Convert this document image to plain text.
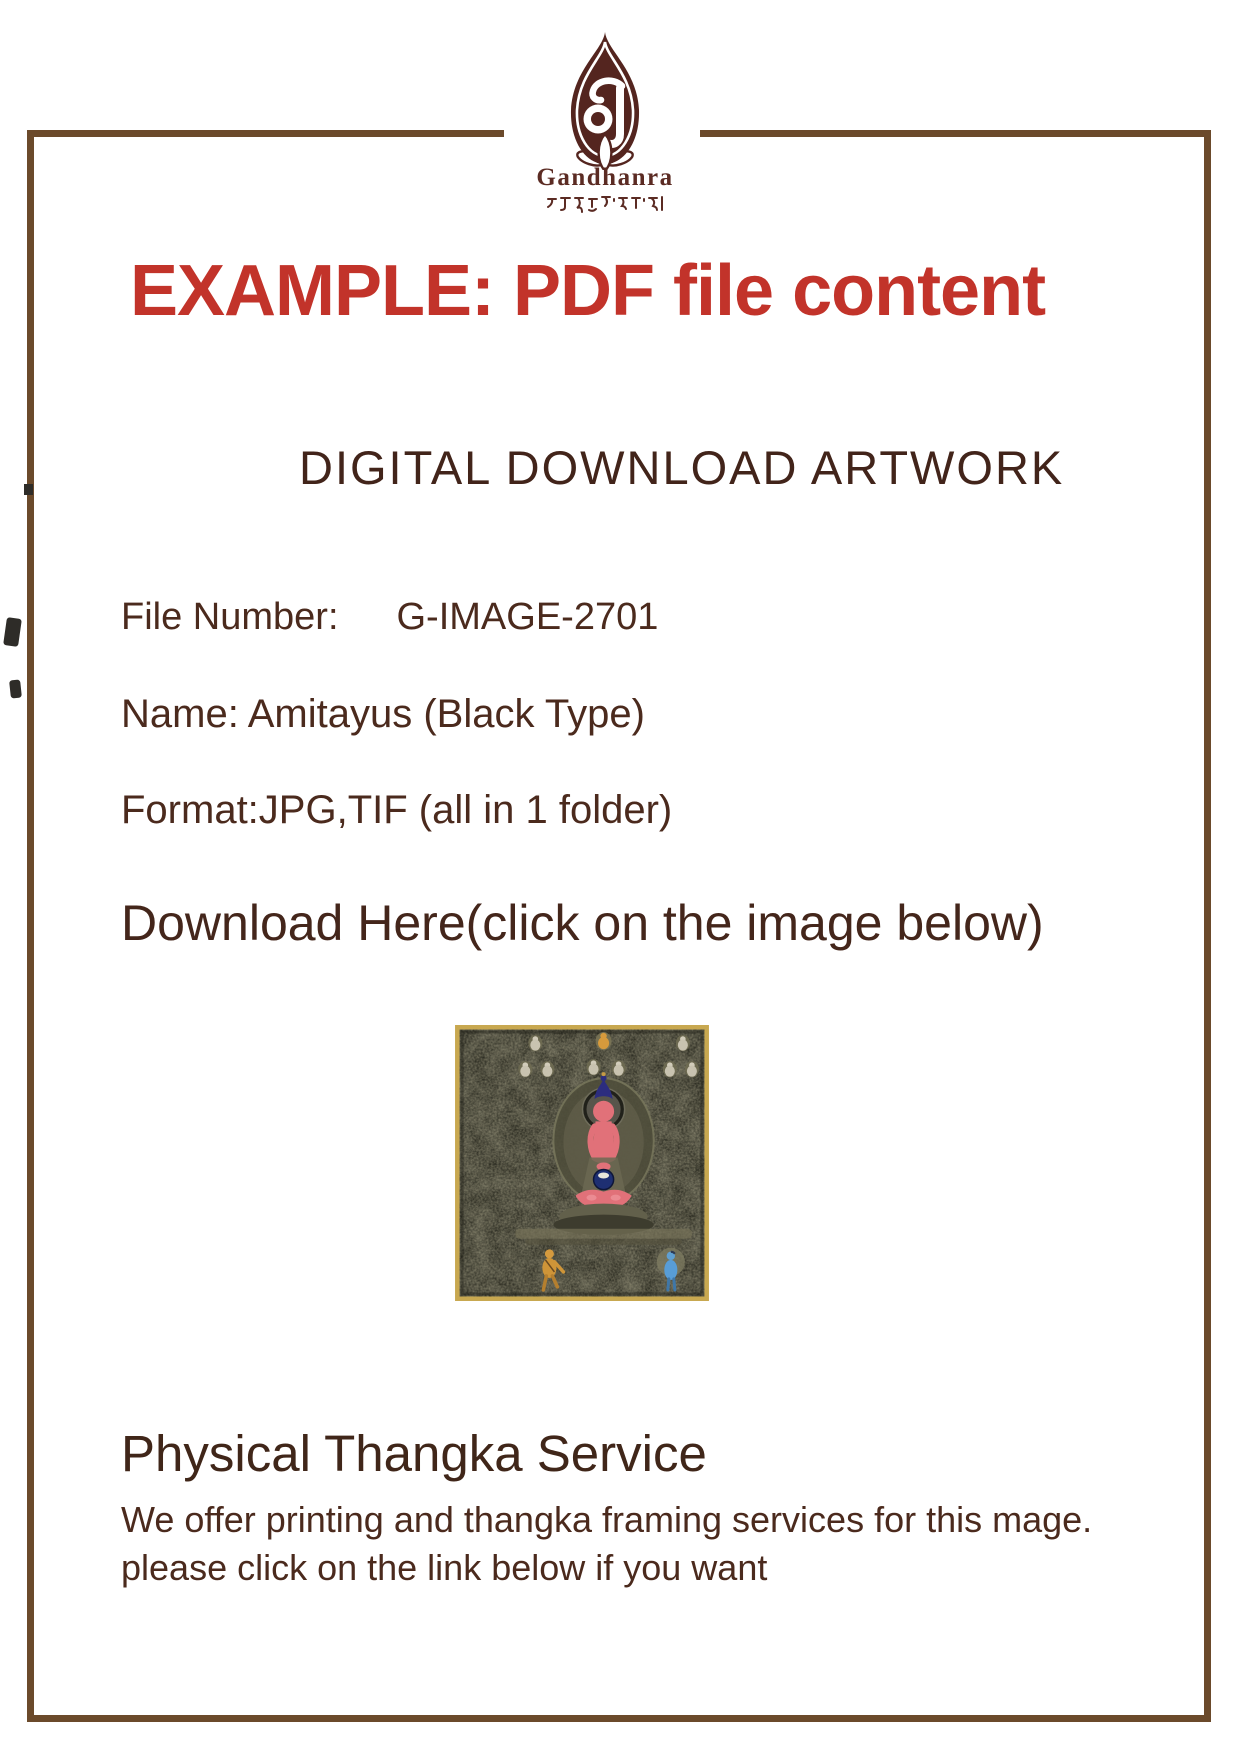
Gandhanra
EXAMPLE: PDF file content
DIGITAL DOWNLOAD ARTWORK
File Number: G-IMAGE-2701
Name: Amitayus (Black Type)
Format:JPG,TIF (all in 1 folder)
Download Here(click on the image below)
Physical Thangka Service
We offer printing and thangka framing services for this mage.
please click on the link below if you want
